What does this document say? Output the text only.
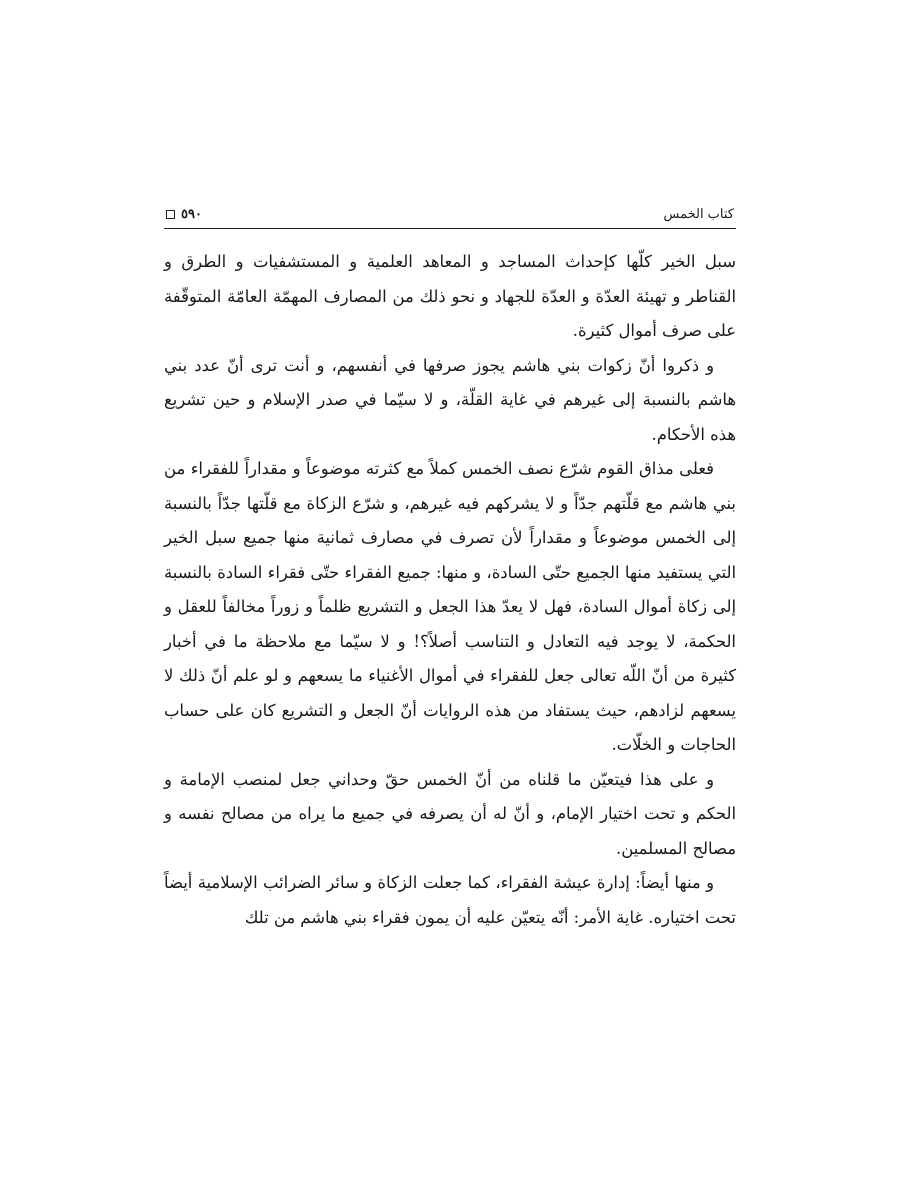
كتاب الخمس
٥٩٠

سبل الخير كلّها كإحداث المساجد و المعاهد العلمية و المستشفيات و الطرق و القناطر و تهيئة العدّة و العدّة للجهاد و نحو ذلك من المصارف المهمّة العامّة المتوقّفة على صرف أموال كثيرة.

و ذكروا أنّ زكوات بني هاشم يجوز صرفها في أنفسهم، و أنت ترى أنّ عدد بني هاشم بالنسبة إلى غيرهم في غاية القلّة، و لا سيّما في صدر الإسلام و حين تشريع هذه الأحكام.

فعلى مذاق القوم شرّع نصف الخمس كملاً مع كثرته موضوعاً و مقداراً للفقراء من بني هاشم مع قلّتهم جدّاً و لا يشركهم فيه غيرهم، و شرّع الزكاة مع قلّتها جدّاً بالنسبة إلى الخمس موضوعاً و مقداراً لأن تصرف في مصارف ثمانية منها جميع سبل الخير التي يستفيد منها الجميع حتّى السادة، و منها: جميع الفقراء حتّى فقراء السادة بالنسبة إلى زكاة أموال السادة، فهل لا يعدّ هذا الجعل و التشريع ظلماً و زوراً مخالفاً للعقل و الحكمة، لا يوجد فيه التعادل و التناسب أصلاً؟! و لا سيّما مع ملاحظة ما في أخبار كثيرة من أنّ اللّه تعالى جعل للفقراء في أموال الأغنياء ما يسعهم و لو علم أنّ ذلك لا يسعهم لزادهم، حيث يستفاد من هذه الروايات أنّ الجعل و التشريع كان على حساب الحاجات و الخلّات.

و على هذا فيتعيّن ما قلناه من أنّ الخمس حقّ وحداني جعل لمنصب الإمامة و الحكم و تحت اختيار الإمام، و أنّ له أن يصرفه في جميع ما يراه من مصالح نفسه و مصالح المسلمين.

و منها أيضاً: إدارة عيشة الفقراء، كما جعلت الزكاة و سائر الضرائب الإسلامية أيضاً تحت اختياره. غاية الأمر: أنّه يتعيّن عليه أن يمون فقراء بني هاشم من تلك
